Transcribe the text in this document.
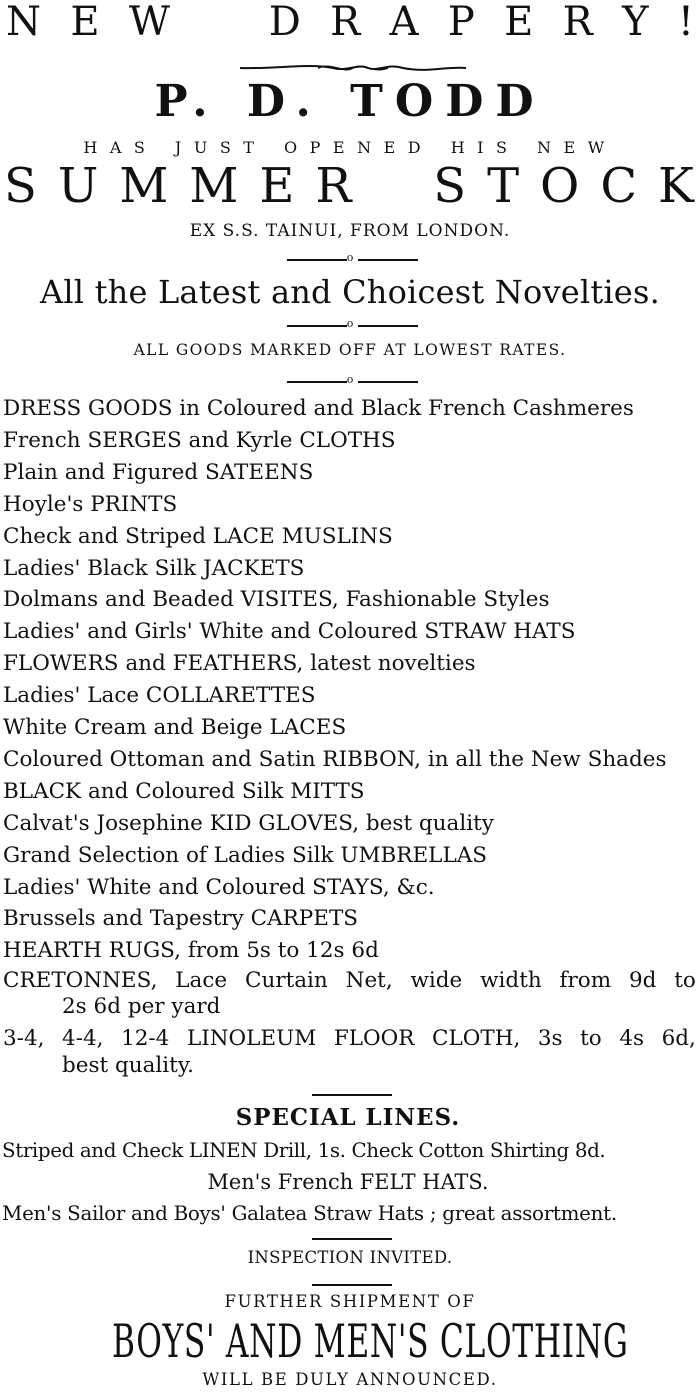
N E W
D R A P E R Y !
P. D. TODD
HAS JUST OPENED HIS NEW
S U M M E R
S T O C K
EX S.S. TAINUI, FROM LONDON.
o
All the Latest and Choicest Novelties.
o
ALL GOODS MARKED OFF AT LOWEST RATES.
o
DRESS GOODS in Coloured and Black French Cashmeres
French SERGES and Kyrle CLOTHS
Plain and Figured SATEENS
Hoyle's PRINTS
Check and Striped LACE MUSLINS
Ladies' Black Silk JACKETS
Dolmans and Beaded VISITES, Fashionable Styles
Ladies' and Girls' White and Coloured STRAW HATS
FLOWERS and FEATHERS, latest novelties
Ladies' Lace COLLARETTES
White Cream and Beige LACES
Coloured Ottoman and Satin RIBBON, in all the New Shades
BLACK and Coloured Silk MITTS
Calvat's Josephine KID GLOVES, best quality
Grand Selection of Ladies Silk UMBRELLAS
Ladies' White and Coloured STAYS, &c.
Brussels and Tapestry CARPETS
HEARTH RUGS, from 5s to 12s 6d
CRETONNES, Lace Curtain Net, wide width from 9d to
2s 6d per yard
3-4, 4-4, 12-4 LINOLEUM FLOOR CLOTH, 3s to 4s 6d,
best quality.
SPECIAL LINES.
Striped and Check LINEN Drill, 1s. Check Cotton Shirting 8d.
Men's French FELT HATS.
Men's Sailor and Boys' Galatea Straw Hats ; great assortment.
INSPECTION INVITED.
FURTHER SHIPMENT OF
BOYS' AND MEN'S CLOTHING
WILL BE DULY ANNOUNCED.
